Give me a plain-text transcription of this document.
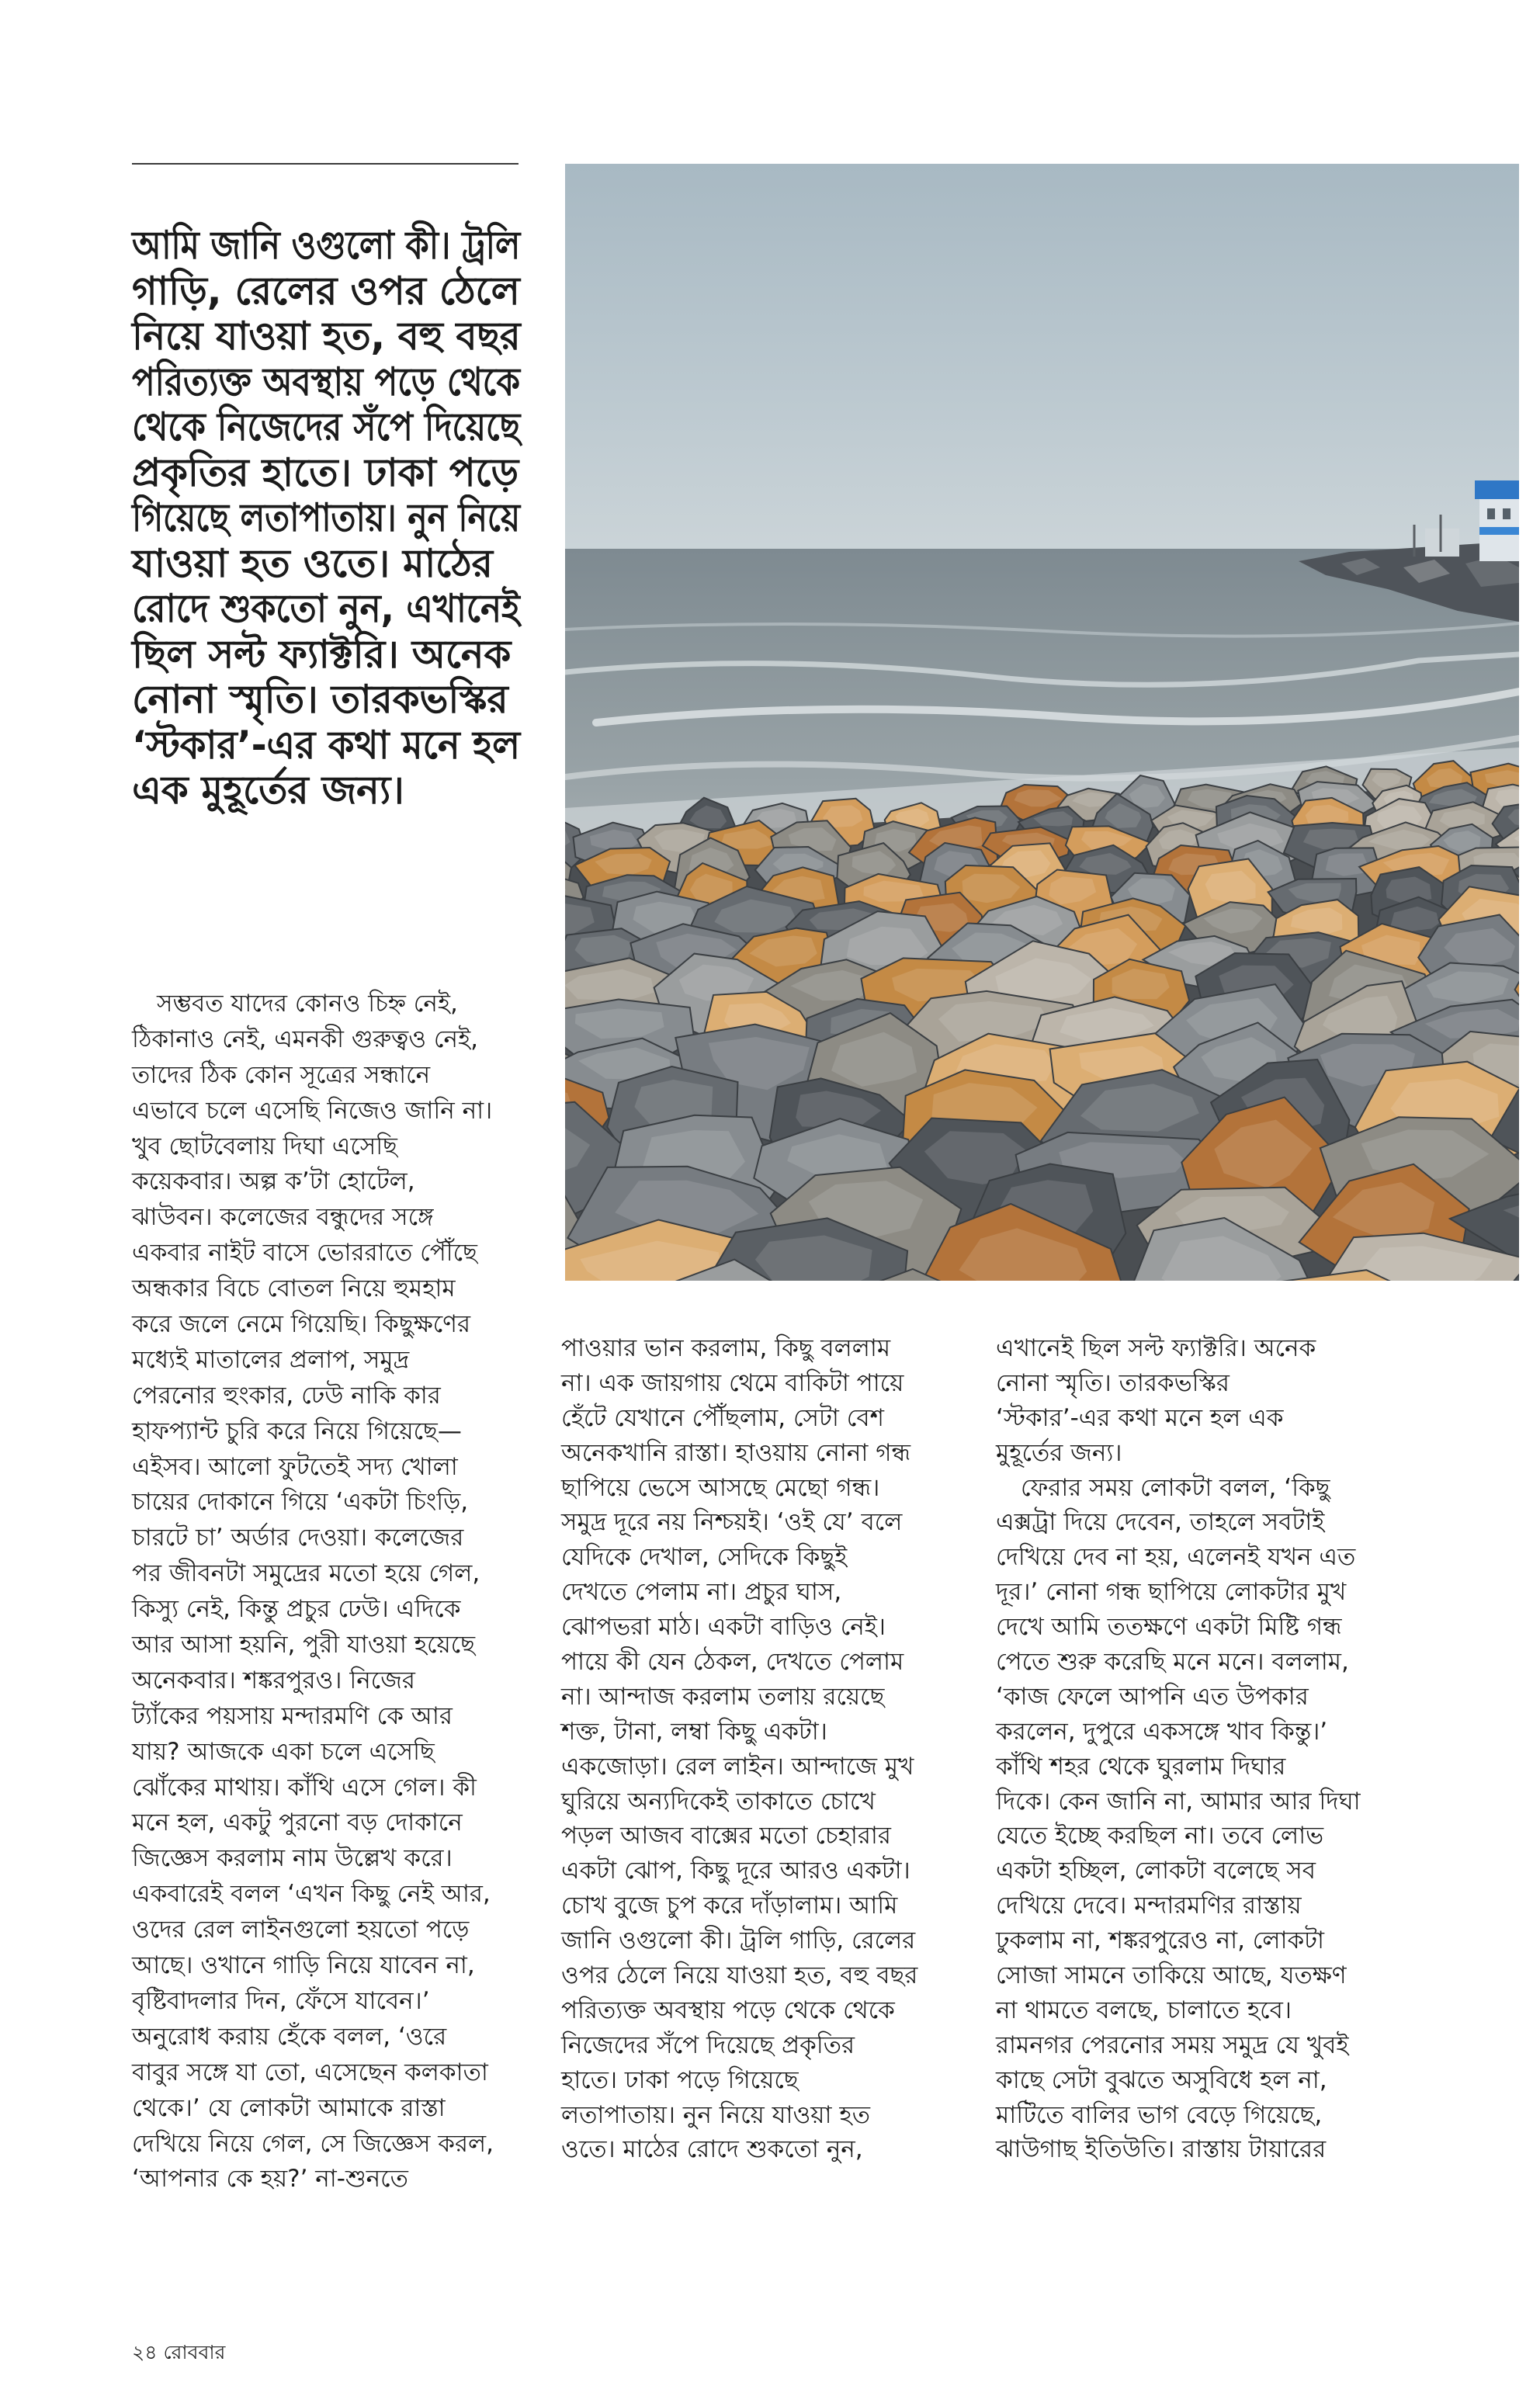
আমি জানি ওগুলো কী। ট্রলি
গাড়ি, রেলের ওপর ঠেলে
নিয়ে যাওয়া হত, বহু বছর
পরিত্যক্ত অবস্থায় পড়ে থেকে
থেকে নিজেদের সঁপে দিয়েছে
প্রকৃতির হাতে। ঢাকা পড়ে
গিয়েছে লতাপাতায়। নুন নিয়ে
যাওয়া হত ওতে। মাঠের
রোদে শুকতো নুন, এখানেই
ছিল সল্ট ফ্যাক্টরি। অনেক
নোনা স্মৃতি। তারকভস্কির
‘স্টকার’-এর কথা মনে হল
এক মুহূর্তের জন্য।
সম্ভবত যাদের কোনও চিহ্ন নেই,
ঠিকানাও নেই, এমনকী গুরুত্বও নেই,
তাদের ঠিক কোন সূত্রের সন্ধানে
এভাবে চলে এসেছি নিজেও জানি না।
খুব ছোটবেলায় দিঘা এসেছি
কয়েকবার। অল্প ক’টা হোটেল,
ঝাউবন। কলেজের বন্ধুদের সঙ্গে
একবার নাইট বাসে ভোররাতে পৌঁছে
অন্ধকার বিচে বোতল নিয়ে হুমহাম
করে জলে নেমে গিয়েছি। কিছুক্ষণের
মধ্যেই মাতালের প্রলাপ, সমুদ্র
পেরনোর হুংকার, ঢেউ নাকি কার
হাফপ্যান্ট চুরি করে নিয়ে গিয়েছে—
এইসব। আলো ফুটতেই সদ্য খোলা
চায়ের দোকানে গিয়ে ‘একটা চিংড়ি,
চারটে চা’ অর্ডার দেওয়া। কলেজের
পর জীবনটা সমুদ্রের মতো হয়ে গেল,
কিস্যু নেই, কিন্তু প্রচুর ঢেউ। এদিকে
আর আসা হয়নি, পুরী যাওয়া হয়েছে
অনেকবার। শঙ্করপুরও। নিজের
ট্যাঁকের পয়সায় মন্দারমণি কে আর
যায়? আজকে একা চলে এসেছি
ঝোঁকের মাথায়। কাঁথি এসে গেল। কী
মনে হল, একটু পুরনো বড় দোকানে
জিজ্ঞেস করলাম নাম উল্লেখ করে।
একবারেই বলল ‘এখন কিছু নেই আর,
ওদের রেল লাইনগুলো হয়তো পড়ে
আছে। ওখানে গাড়ি নিয়ে যাবেন না,
বৃষ্টিবাদলার দিন, ফেঁসে যাবেন।’
অনুরোধ করায় হেঁকে বলল, ‘ওরে
বাবুর সঙ্গে যা তো, এসেছেন কলকাতা
থেকে।’ যে লোকটা আমাকে রাস্তা
দেখিয়ে নিয়ে গেল, সে জিজ্ঞেস করল,
‘আপনার কে হয়?’ না-শুনতে
পাওয়ার ভান করলাম, কিছু বললাম
না। এক জায়গায় থেমে বাকিটা পায়ে
হেঁটে যেখানে পৌঁছলাম, সেটা বেশ
অনেকখানি রাস্তা। হাওয়ায় নোনা গন্ধ
ছাপিয়ে ভেসে আসছে মেছো গন্ধ।
সমুদ্র দূরে নয় নিশ্চয়ই। ‘ওই যে’ বলে
যেদিকে দেখাল, সেদিকে কিছুই
দেখতে পেলাম না। প্রচুর ঘাস,
ঝোপভরা মাঠ। একটা বাড়িও নেই।
পায়ে কী যেন ঠেকল, দেখতে পেলাম
না। আন্দাজ করলাম তলায় রয়েছে
শক্ত, টানা, লম্বা কিছু একটা।
একজোড়া। রেল লাইন। আন্দাজে মুখ
ঘুরিয়ে অন্যদিকেই তাকাতে চোখে
পড়ল আজব বাক্সের মতো চেহারার
একটা ঝোপ, কিছু দূরে আরও একটা।
চোখ বুজে চুপ করে দাঁড়ালাম। আমি
জানি ওগুলো কী। ট্রলি গাড়ি, রেলের
ওপর ঠেলে নিয়ে যাওয়া হত, বহু বছর
পরিত্যক্ত অবস্থায় পড়ে থেকে থেকে
নিজেদের সঁপে দিয়েছে প্রকৃতির
হাতে। ঢাকা পড়ে গিয়েছে
লতাপাতায়। নুন নিয়ে যাওয়া হত
ওতে। মাঠের রোদে শুকতো নুন,
এখানেই ছিল সল্ট ফ্যাক্টরি। অনেক
নোনা স্মৃতি। তারকভস্কির
‘স্টকার’-এর কথা মনে হল এক
মুহূর্তের জন্য।
ফেরার সময় লোকটা বলল, ‘কিছু
এক্সট্রা দিয়ে দেবেন, তাহলে সবটাই
দেখিয়ে দেব না হয়, এলেনই যখন এত
দূর।’ নোনা গন্ধ ছাপিয়ে লোকটার মুখ
দেখে আমি ততক্ষণে একটা মিষ্টি গন্ধ
পেতে শুরু করেছি মনে মনে। বললাম,
‘কাজ ফেলে আপনি এত উপকার
করলেন, দুপুরে একসঙ্গে খাব কিন্তু।’
কাঁথি শহর থেকে ঘুরলাম দিঘার
দিকে। কেন জানি না, আমার আর দিঘা
যেতে ইচ্ছে করছিল না। তবে লোভ
একটা হচ্ছিল, লোকটা বলেছে সব
দেখিয়ে দেবে। মন্দারমণির রাস্তায়
ঢুকলাম না, শঙ্করপুরেও না, লোকটা
সোজা সামনে তাকিয়ে আছে, যতক্ষণ
না থামতে বলছে, চালাতে হবে।
রামনগর পেরনোর সময় সমুদ্র যে খুবই
কাছে সেটা বুঝতে অসুবিধে হল না,
মাটিতে বালির ভাগ বেড়ে গিয়েছে,
ঝাউগাছ ইতিউতি। রাস্তায় টায়ারের
২৪ রোববার
